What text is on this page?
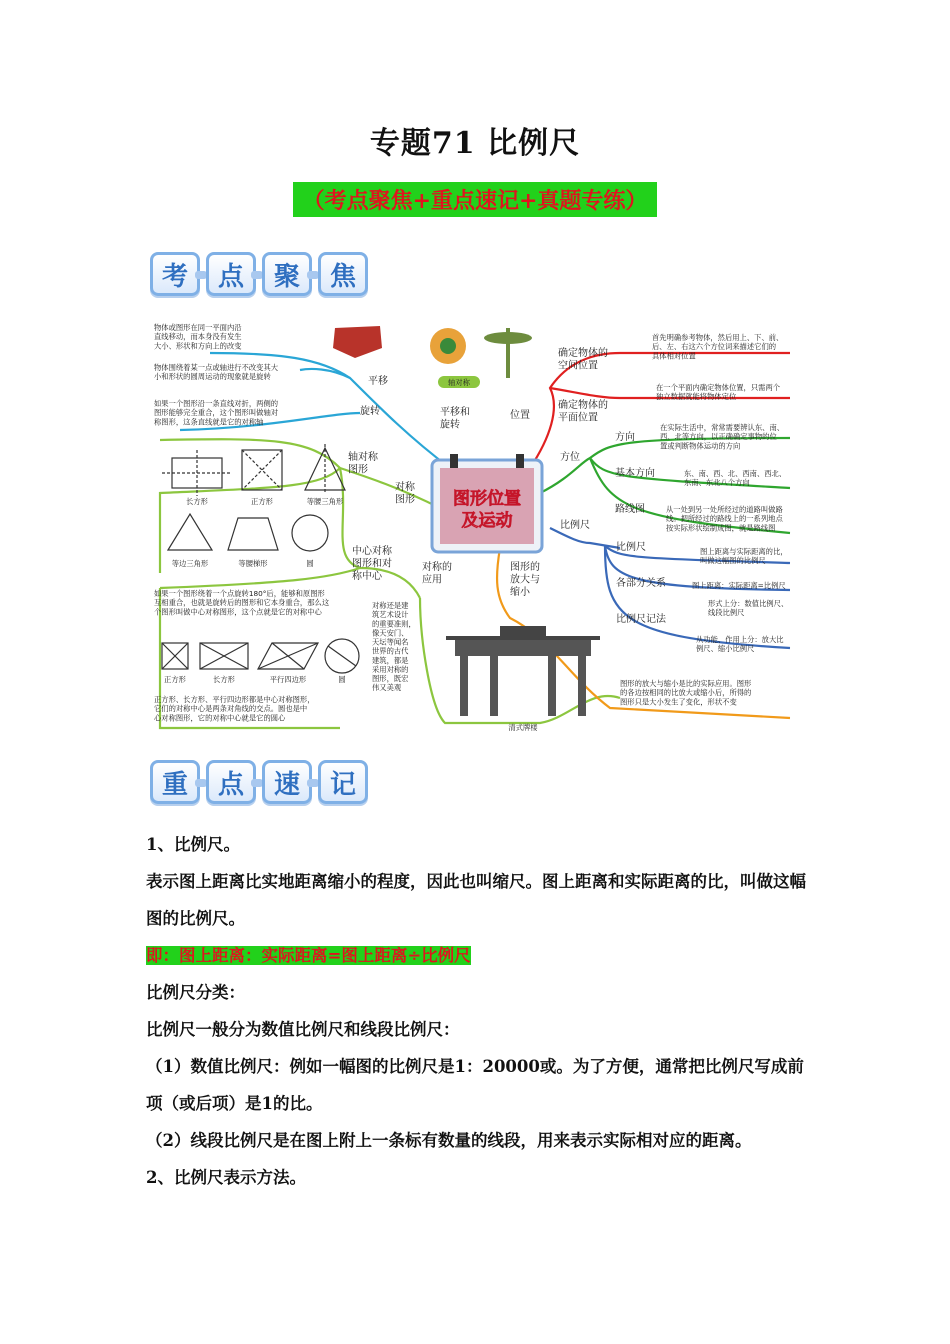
专题71 比例尺
（考点聚焦+重点速记+真题专练）
考	点	聚	焦
图形位置
及运动
轴对称
清式牌楼
长方形	正方形	等腰三角形
等边三角形	等腰梯形	圆
正方形	长方形	平行四边形	圆
平移和旋转
平移
旋转
对称图形
轴对称图形
中心对称图形和对称中心
对称的应用
位置
确定物体的空间位置
确定物体的平面位置
方位
方向
基本方向
路线图
比例尺
比例尺
各部分关系
比例尺记法
图形的放大与缩小
物体或图形在同一平面内沿直线移动，而本身没有发生大小、形状和方向上的改变
物体围绕着某一点或轴进行不改变其大小和形状的圆周运动的现象就是旋转
如果一个图形沿一条直线对折，两侧的图形能够完全重合，这个图形叫做轴对称图形，这条直线就是它的对称轴
如果一个图形绕着一个点旋转180°后，能够和原图形互相重合，也就是旋转后的图形和它本身重合，那么这个图形叫做中心对称图形，这个点就是它的对称中心
正方形、长方形、平行四边形都是中心对称图形，它们的对称中心是两条对角线的交点。圆也是中心对称图形，它的对称中心就是它的圆心
对称还是建筑艺术设计的重要准则，像天安门、天坛等闻名世界的古代建筑，都是采用对称的图形，既宏伟又美观
首先明确参考物体，然后用上、下、前、后、左、右这六个方位词来描述它们的具体相对位置
在一个平面内确定物体位置，只需两个独立数据就能将物体定位
在实际生活中，常常需要辨认东、南、西、北等方向，以正确确定事物的位置或判断物体运动的方向
东、南、西、北、西南、西北、东南、东北八个方向
从一处到另一处所经过的道路叫做路线。把所经过的路线上的一系列地点按实际形状绘制成图，就是路线图
图上距离与实际距离的比，叫做这幅图的比例尺
图上距离：实际距离=比例尺
形式上分：数值比例尺、线段比例尺
从功能、作用上分：放大比例尺、缩小比例尺
图形的放大与缩小是比的实际应用。图形的各边按相同的比放大或缩小后，所得的图形只是大小发生了变化，形状不变
重	点	速	记

1、比例尺。

表示图上距离比实地距离缩小的程度，因此也叫缩尺。图上距离和实际距离的比，叫做这幅图的比例尺。

即：图上距离：实际距离=图上距离÷比例尺

比例尺分类：

比例尺一般分为数值比例尺和线段比例尺：

（1）数值比例尺：例如一幅图的比例尺是1：20000或。为了方便，通常把比例尺写成前项（或后项）是1的比。

（2）线段比例尺是在图上附上一条标有数量的线段，用来表示实际相对应的距离。

2、比例尺表示方法。
